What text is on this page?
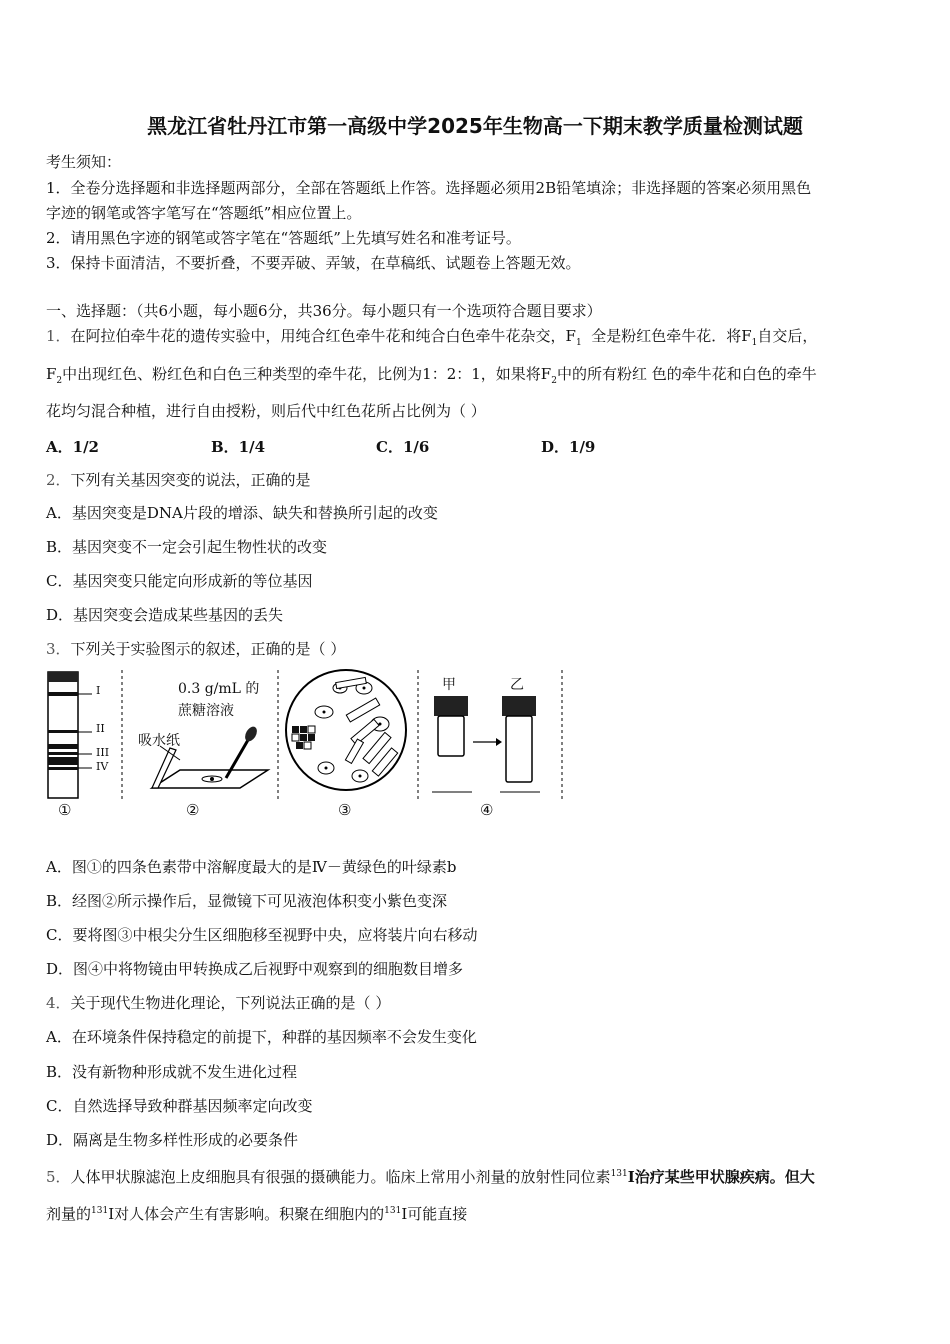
黑龙江省牡丹江市第一高级中学2025年生物高一下期末教学质量检测试题
考生须知：
1．全卷分选择题和非选择题两部分，全部在答题纸上作答。选择题必须用2B铅笔填涂；非选择题的答案必须用黑色
字迹的钢笔或答字笔写在“答题纸”相应位置上。
2．请用黑色字迹的钢笔或答字笔在“答题纸”上先填写姓名和准考证号。
3．保持卡面清洁，不要折叠，不要弄破、弄皱，在草稿纸、试题卷上答题无效。
一、选择题：（共6小题，每小题6分，共36分。每小题只有一个选项符合题目要求）
1．在阿拉伯牵牛花的遗传实验中，用纯合红色牵牛花和纯合白色牵牛花杂交，$F_1$ 全是粉红色牵牛花．将$F_1$自交后，
$F_2$中出现红色、粉红色和白色三种类型的牵牛花，比例为1：2：1，如果将$F_2$中的所有粉红 色的牵牛花和白色的牵牛
花均匀混合种植，进行自由授粉，则后代中红色花所占比例为（ ）
A．1/2	B．1/4	C．1/6	D．1/9
2．下列有关基因突变的说法，正确的是
A．基因突变是DNA片段的增添、缺失和替换所引起的改变
B．基因突变不一定会引起生物性状的改变
C．基因突变只能定向形成新的等位基因
D．基因突变会造成某些基因的丢失
3．下列关于实验图示的叙述，正确的是（ ）
I
II
III
IV
0.3 g/mL 的
蔗糖溶液
吸水纸
甲	乙
①	②	③	④
A．图①的四条色素带中溶解度最大的是Ⅳ－黄绿色的叶绿素b
B．经图②所示操作后，显微镜下可见液泡体积变小紫色变深
C．要将图③中根尖分生区细胞移至视野中央，应将装片向右移动
D．图④中将物镜由甲转换成乙后视野中观察到的细胞数目增多
4．关于现代生物进化理论，下列说法正确的是（ ）
A．在环境条件保持稳定的前提下，种群的基因频率不会发生变化
B．没有新物种形成就不发生进化过程
C．自然选择导致种群基因频率定向改变
D．隔离是生物多样性形成的必要条件
5．人体甲状腺滤泡上皮细胞具有很强的摄碘能力。临床上常用小剂量的放射性同位素$^{131}$I治疗某些甲状腺疾病。但大
剂量的$^{131}$I对人体会产生有害影响。积聚在细胞内的$^{131}$I可能直接
